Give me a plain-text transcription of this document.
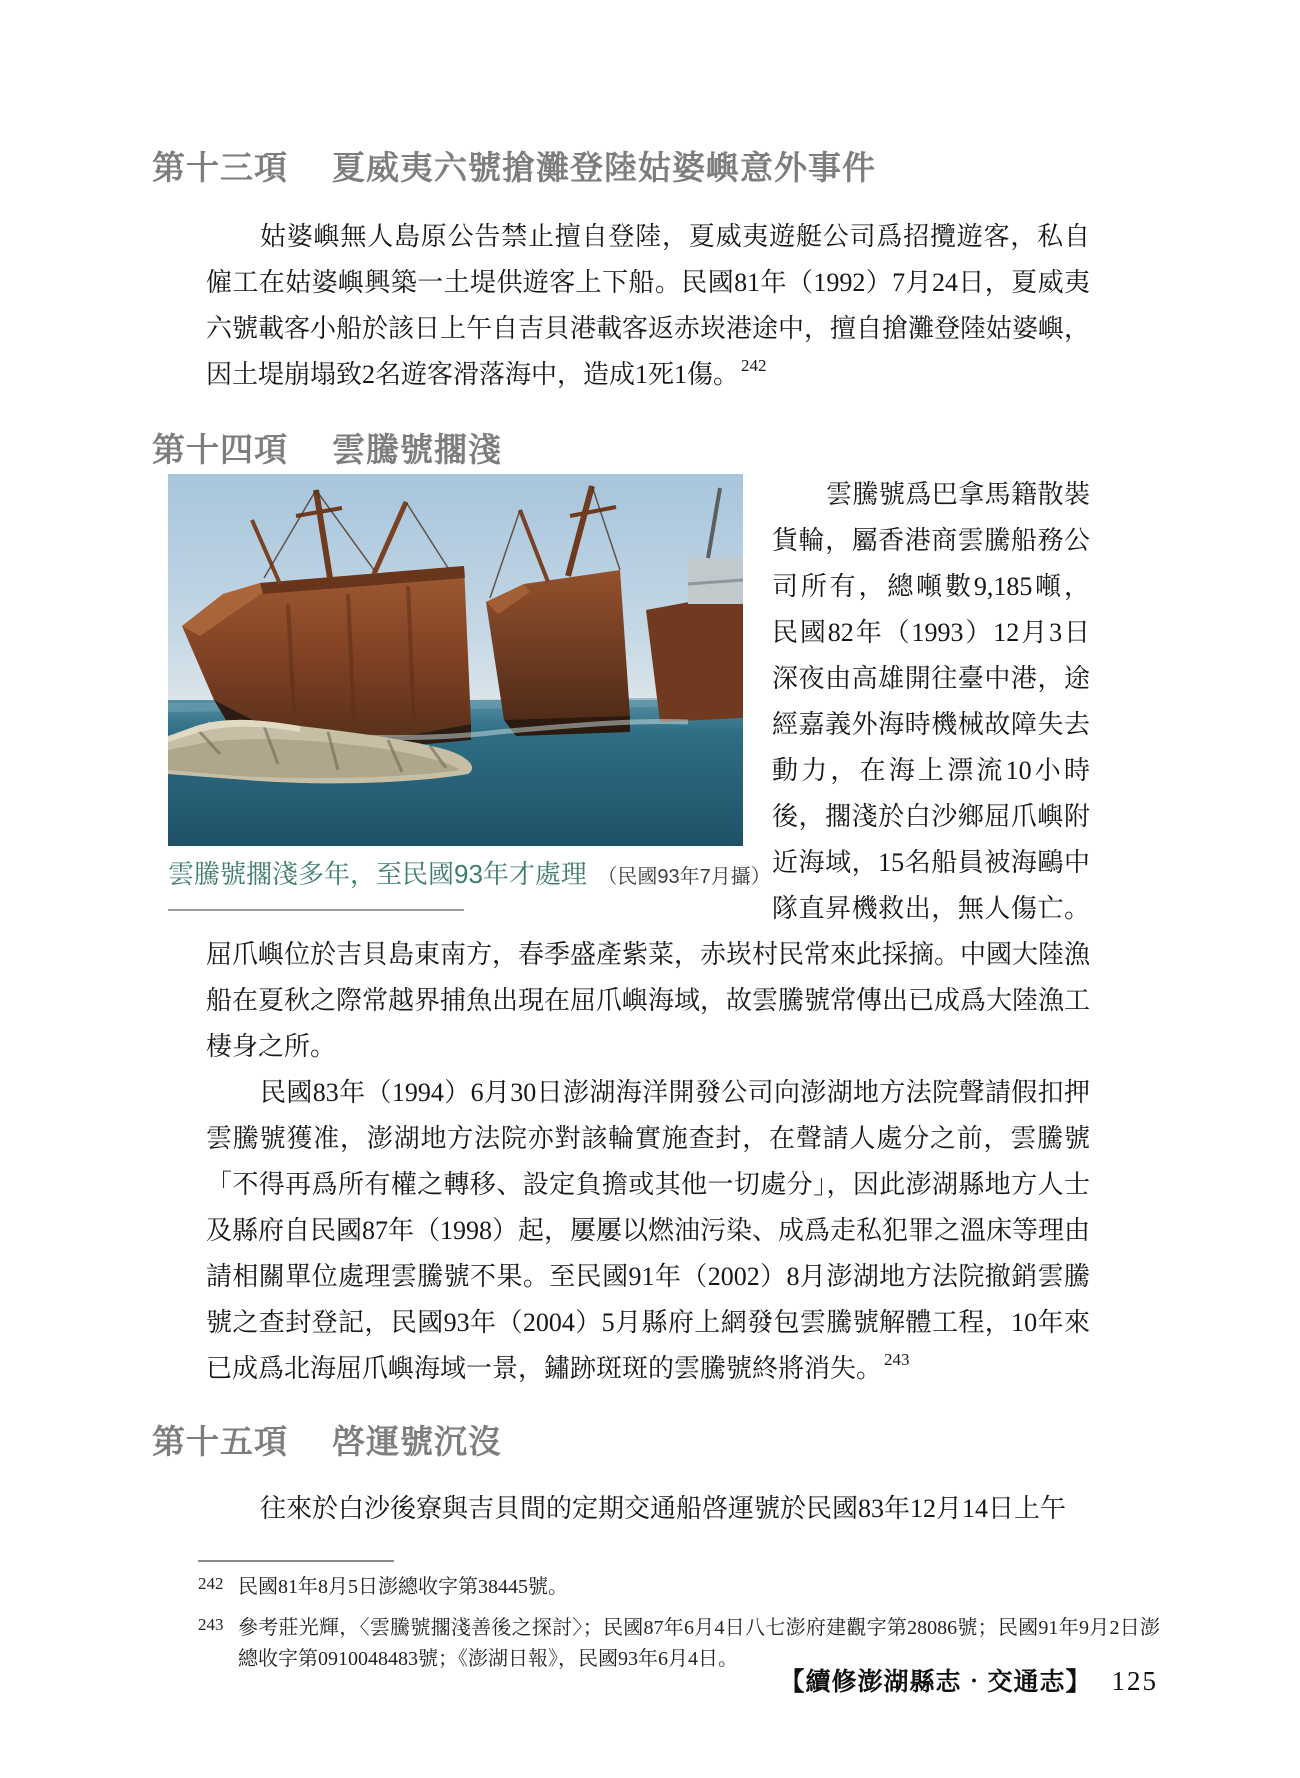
第十三項 夏威夷六號搶灘登陸姑婆嶼意外事件

姑婆嶼無人島原公告禁止擅自登陸，夏威夷遊艇公司爲招攬遊客，私自僱工在姑婆嶼興築一土堤供遊客上下船。民國81年（1992）7月24日，夏威夷六號載客小船於該日上午自吉貝港載客返赤崁港途中，擅自搶灘登陸姑婆嶼，因土堤崩塌致2名遊客滑落海中，造成1死1傷。 $^{242}$

第十四項 雲騰號擱淺
雲騰號擱淺多年，至民國93年才處理 （民國93年7月攝）

雲騰號爲巴拿馬籍散裝貨輪，屬香港商雲騰船務公司所有，總噸數9,185噸，民國82年（1993）12月3日深夜由高雄開往臺中港，途經嘉義外海時機械故障失去動力，在海上漂流10小時後，擱淺於白沙鄉屈爪嶼附近海域，15名船員被海鷗中隊直昇機救出，無人傷亡。屈爪嶼位於吉貝島東南方，春季盛產紫菜，赤崁村民常來此採摘。中國大陸漁船在夏秋之際常越界捕魚出現在屈爪嶼海域，故雲騰號常傳出已成爲大陸漁工棲身之所。

民國83年（1994）6月30日澎湖海洋開發公司向澎湖地方法院聲請假扣押雲騰號獲准，澎湖地方法院亦對該輪實施查封，在聲請人處分之前，雲騰號「不得再爲所有權之轉移、設定負擔或其他一切處分」，因此澎湖縣地方人士及縣府自民國87年（1998）起，屢屢以燃油污染、成爲走私犯罪之溫床等理由請相關單位處理雲騰號不果。至民國91年（2002）8月澎湖地方法院撤銷雲騰號之查封登記，民國93年（2004）5月縣府上網發包雲騰號解體工程，10年來已成爲北海屈爪嶼海域一景，鏽跡斑斑的雲騰號終將消失。 $^{243}$

第十五項 啓運號沉沒

往來於白沙後寮與吉貝間的定期交通船啓運號於民國83年12月14日上午

242 民國81年8月5日澎總收字第38445號。
243 參考莊光輝，〈雲騰號擱淺善後之探討〉；民國87年6月4日八七澎府建觀字第28086號；民國91年9月2日澎總收字第0910048483號；《澎湖日報》，民國93年6月4日。
【續修澎湖縣志‧交通志】 125
